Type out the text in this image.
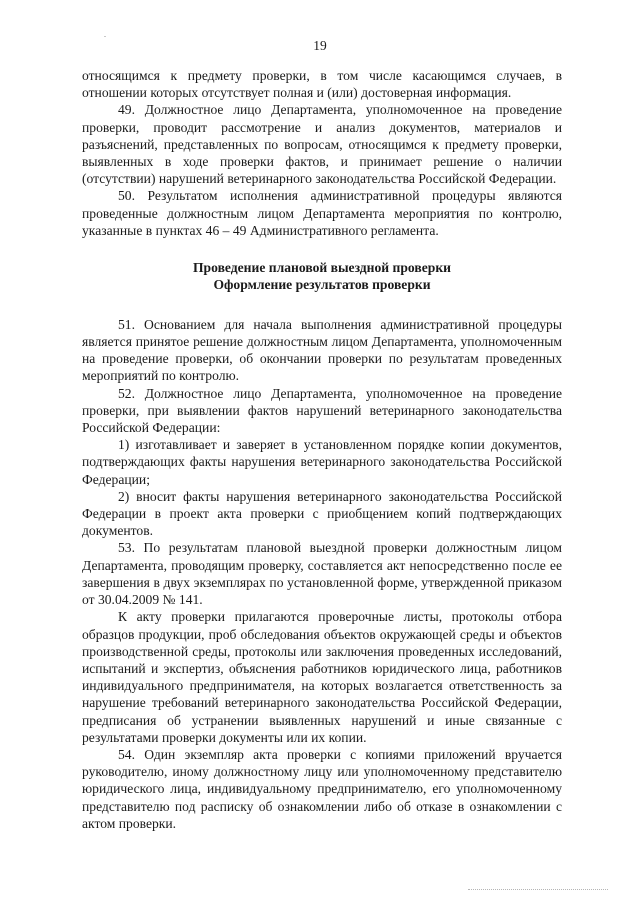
19

относящимся к предмету проверки, в том числе касающимся случаев, в отношении которых отсутствует полная и (или) достоверная информация.

49. Должностное лицо Департамента, уполномоченное на проведение проверки, проводит рассмотрение и анализ документов, материалов и разъяснений, представленных по вопросам, относящимся к предмету проверки, выявленных в ходе проверки фактов, и принимает решение о наличии (отсутствии) нарушений ветеринарного законодательства Российской Федерации.

50. Результатом исполнения административной процедуры являются проведенные должностным лицом Департамента мероприятия по контролю, указанные в пунктах 46 – 49 Административного регламента.

Проведение плановой выездной проверки
Оформление результатов проверки

51. Основанием для начала выполнения административной процедуры является принятое решение должностным лицом Департамента, уполномоченным на проведение проверки, об окончании проверки по результатам проведенных мероприятий по контролю.

52. Должностное лицо Департамента, уполномоченное на проведение проверки, при выявлении фактов нарушений ветеринарного законодательства Российской Федерации:

1) изготавливает и заверяет в установленном порядке копии документов, подтверждающих факты нарушения ветеринарного законодательства Российской Федерации;

2) вносит факты нарушения ветеринарного законодательства Российской Федерации в проект акта проверки с приобщением копий подтверждающих документов.

53. По результатам плановой выездной проверки должностным лицом Департамента, проводящим проверку, составляется акт непосредственно после ее завершения в двух экземплярах по установленной форме, утвержденной приказом от 30.04.2009 № 141.

К акту проверки прилагаются проверочные листы, протоколы отбора образцов продукции, проб обследования объектов окружающей среды и объектов производственной среды, протоколы или заключения проведенных исследований, испытаний и экспертиз, объяснения работников юридического лица, работников индивидуального предпринимателя, на которых возлагается ответственность за нарушение требований ветеринарного законодательства Российской Федерации, предписания об устранении выявленных нарушений и иные связанные с результатами проверки документы или их копии.

54. Один экземпляр акта проверки с копиями приложений вручается руководителю, иному должностному лицу или уполномоченному представителю юридического лица, индивидуальному предпринимателю, его уполномоченному представителю под расписку об ознакомлении либо об отказе в ознакомлении с актом проверки.
